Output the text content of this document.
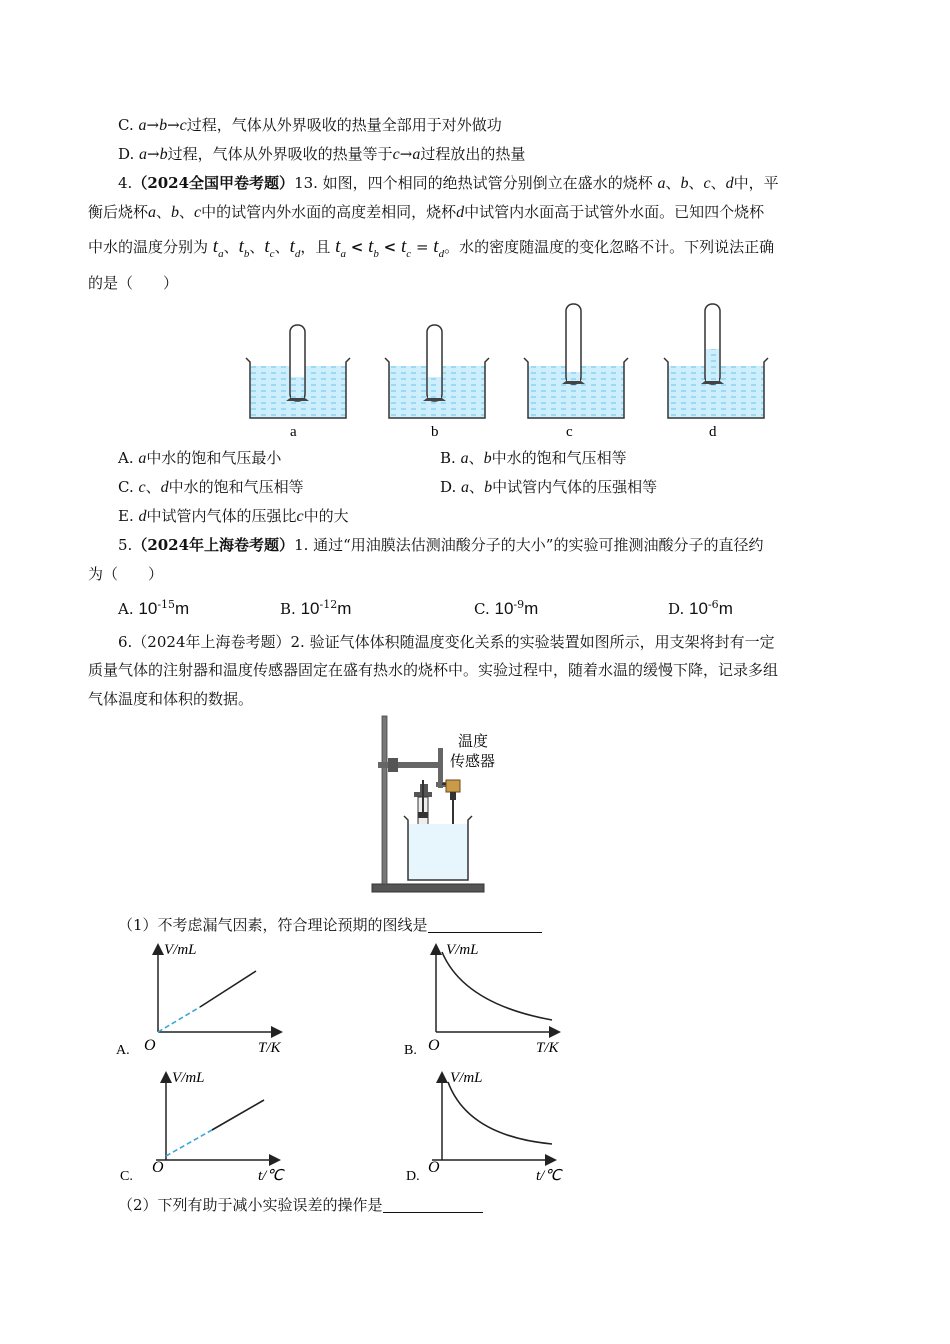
C. a→b→c过程，气体从外界吸收的热量全部用于对外做功
D. a→b过程，气体从外界吸收的热量等于c→a过程放出的热量
4.（2024全国甲卷考题）13. 如图，四个相同的绝热试管分别倒立在盛水的烧杯 a、b、c、d中，平
衡后烧杯a、b、c中的试管内外水面的高度差相同，烧杯d中试管内水面高于试管外水面。已知四个烧杯
中水的温度分别为 $t_a$、$t_b$、$t_c$、$t_d$，且 $t_a < t_b < t_c = t_d$。水的密度随温度的变化忽略不计。下列说法正确
的是（　　）
a	b	c	d
A. a中水的饱和气压最小	B. a、b中水的饱和气压相等
C. c、d中水的饱和气压相等	D. a、b中试管内气体的压强相等
E. d中试管内气体的压强比c中的大
5.（2024年上海卷考题）1. 通过“用油膜法估测油酸分子的大小”的实验可推测油酸分子的直径约
为（　　）
A. $10^{-15}m$	B. $10^{-12}m$	C. $10^{-9}m$	D. $10^{-6}m$
6.（2024年上海卷考题）2. 验证气体体积随温度变化关系的实验装置如图所示，用支架将封有一定
质量气体的注射器和温度传感器固定在盛有热水的烧杯中。实验过程中，随着水温的缓慢下降，记录多组
气体温度和体积的数据。
温度
传感器
（1）不考虑漏气因素，符合理论预期的图线是
V/mL
T/K
O
A.
V/mL
T/K
O
B.
V/mL
t/℃
O
C.
V/mL
t/℃
O
D.
（2）下列有助于减小实验误差的操作是
